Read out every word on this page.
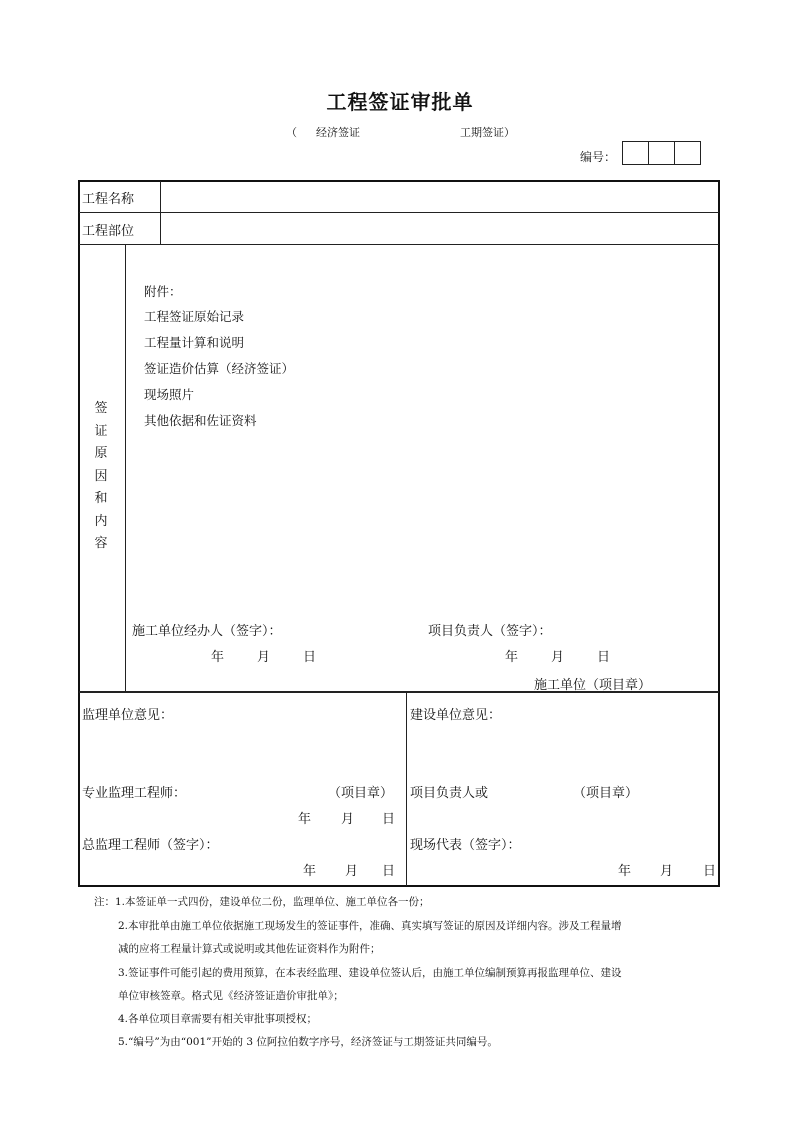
工程签证审批单
（ 经济签证	工期签证）
编号：
工程名称
工程部位
签
证
原
因
和
内
容
附件：
工程签证原始记录
工程量计算和说明
签证造价估算（经济签证）
现场照片
其他依据和佐证资料
施工单位经办人（签字）：	项目负责人（签字）：
年	月	日	年	月	日
施工单位（项目章）
监理单位意见：	建设单位意见：
专业监理工程师：	（项目章） 项目负责人或	（项目章）
年 月 日
总监理工程师（签字）：	现场代表（签字）：
年 月 日	年 月 日
注：1.本签证单一式四份，建设单位二份，监理单位、施工单位各一份；
2.本审批单由施工单位依据施工现场发生的签证事件，准确、真实填写签证的原因及详细内容。涉及工程量增
减的应将工程量计算式或说明或其他佐证资料作为附件；
3.签证事件可能引起的费用预算，在本表经监理、建设单位签认后，由施工单位编制预算再报监理单位、建设
单位审核签章。格式见《经济签证造价审批单》；
4.各单位项目章需要有相关审批事项授权；
5.“编号”为由“001”开始的 3 位阿拉伯数字序号，经济签证与工期签证共同编号。
